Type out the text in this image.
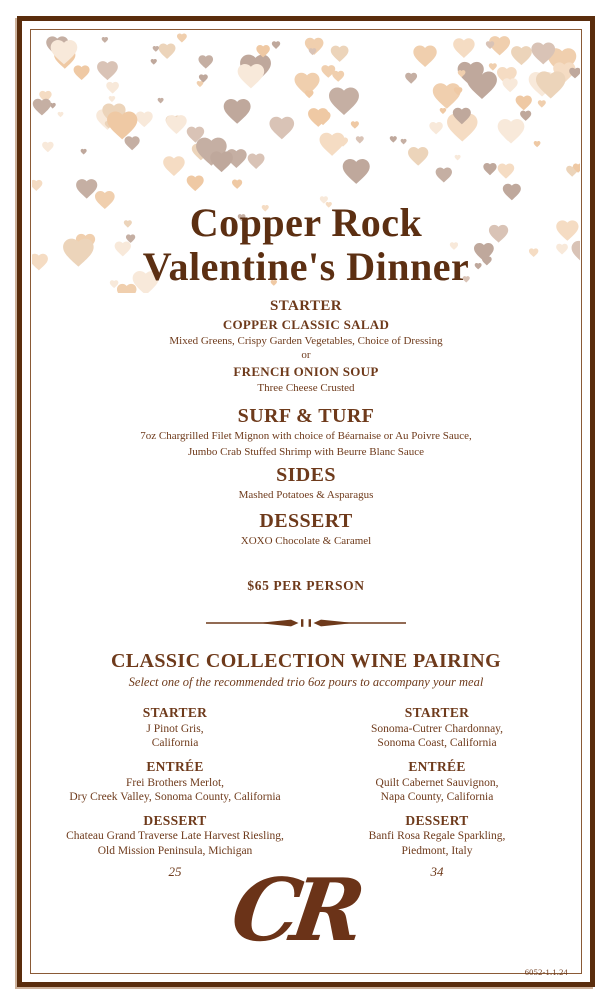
Copper Rock
Valentine's Dinner
STARTER
COPPER CLASSIC SALAD
Mixed Greens, Crispy Garden Vegetables, Choice of Dressing
or
FRENCH ONION SOUP
Three Cheese Crusted
SURF & TURF
7oz Chargrilled Filet Mignon with choice of Béarnaise or Au Poivre Sauce,
Jumbo Crab Stuffed Shrimp with Beurre Blanc Sauce
SIDES
Mashed Potatoes & Asparagus
DESSERT
XOXO Chocolate & Caramel
$65 PER PERSON
CLASSIC COLLECTION WINE PAIRING
Select one of the recommended trio 6oz pours to accompany your meal
STARTER
J Pinot Gris,
California
ENTRÉE
Frei Brothers Merlot,
Dry Creek Valley, Sonoma County, California
DESSERT
Chateau Grand Traverse Late Harvest Riesling,
Old Mission Peninsula, Michigan
25
STARTER
Sonoma-Cutrer Chardonnay,
Sonoma Coast, California
ENTRÉE
Quilt Cabernet Sauvignon,
Napa County, California
DESSERT
Banfi Rosa Regale Sparkling,
Piedmont, Italy
34
CR
6052-1.1.24
